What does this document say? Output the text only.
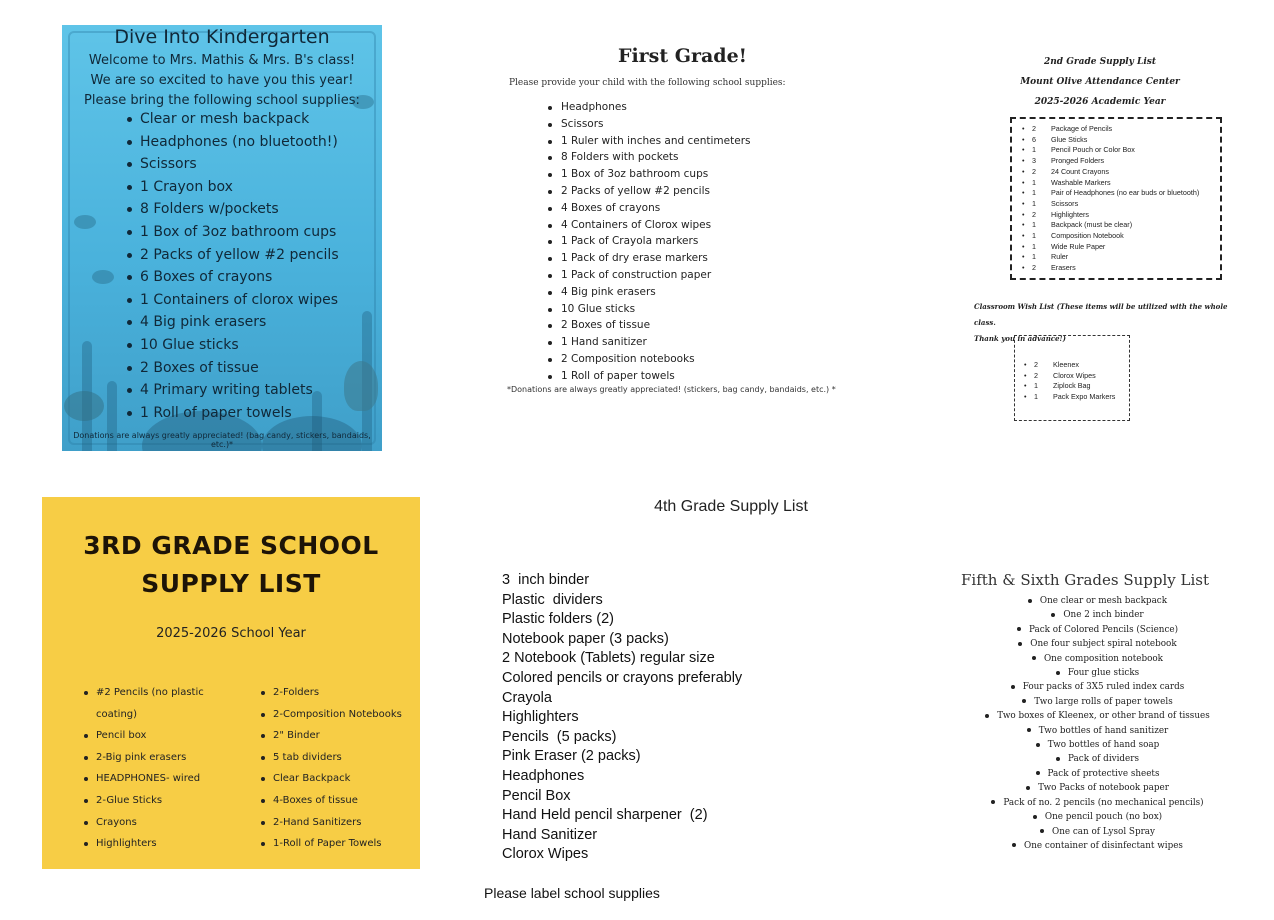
Dive Into Kindergarten
Welcome to Mrs. Mathis & Mrs. B's class!
We are so excited to have you this year!
Please bring the following school supplies:
Clear or mesh backpack
Headphones (no bluetooth!)
Scissors
1 Crayon box
8 Folders w/pockets
1 Box of 3oz bathroom cups
2 Packs of yellow #2 pencils
6 Boxes of crayons
1 Containers of clorox wipes
4 Big pink erasers
10 Glue sticks
2 Boxes of tissue
4 Primary writing tablets
1 Roll of paper towels
Donations are always greatly appreciated! (bag candy, stickers, bandaids, etc.)*
First Grade!
Please provide your child with the following school supplies:
Headphones
Scissors
1 Ruler with inches and centimeters
8 Folders with pockets
1 Box of 3oz bathroom cups
2 Packs of yellow #2 pencils
4 Boxes of crayons
4 Containers of Clorox wipes
1 Pack of Crayola markers
1 Pack of dry erase markers
1 Pack of construction paper
4 Big pink erasers
10 Glue sticks
2 Boxes of tissue
1 Hand sanitizer
2 Composition notebooks
1 Roll of paper towels
*Donations are always greatly appreciated! (stickers, bag candy, bandaids, etc.) *
2nd Grade Supply List
Mount Olive Attendance Center
2025-2026 Academic Year
•	2	Package of Pencils
•	6	Glue Sticks
•	1	Pencil Pouch or Color Box
•	3	Pronged Folders
•	2	24 Count Crayons
•	1	Washable Markers
•	1	Pair of Headphones (no ear buds or bluetooth)
•	1	Scissors
•	2	Highlighters
•	1	Backpack (must be clear)
•	1	Composition Notebook
•	1	Wide Rule Paper
•	1	Ruler
•	2	Erasers
Classroom Wish List (These items will be utilized with the whole class.
Thank you in advance!)
•	2	Kleenex
•	2	Clorox Wipes
•	1	Ziplock Bag
•	1	Pack Expo Markers
3RD GRADE SCHOOL
SUPPLY LIST
2025-2026 School Year
#2 Pencils (no plastic coating)
Pencil box
2-Big pink erasers
HEADPHONES- wired
2-Glue Sticks
Crayons
Highlighters
2-Folders
2-Composition Notebooks
2" Binder
5 tab dividers
Clear Backpack
4-Boxes of tissue
2-Hand Sanitizers
1-Roll of Paper Towels
4th Grade Supply List
3  inch binder
Plastic  dividers
Plastic folders (2)
Notebook paper (3 packs)
2 Notebook (Tablets) regular size
Colored pencils or crayons preferably
Crayola
Highlighters
Pencils  (5 packs)
Pink Eraser (2 packs)
Headphones
Pencil Box
Hand Held pencil sharpener  (2)
Hand Sanitizer
Clorox Wipes
Please label school supplies
Fifth & Sixth Grades Supply List
One clear or mesh backpack
One 2 inch binder
Pack of Colored Pencils (Science)
One four subject spiral notebook
One composition notebook
Four glue sticks
Four packs of 3X5 ruled index cards
Two large rolls of paper towels
Two boxes of Kleenex, or other brand of tissues
Two bottles of hand sanitizer
Two bottles of hand soap
Pack of dividers
Pack of protective sheets
Two Packs of notebook paper
Pack of no. 2 pencils (no mechanical pencils)
One pencil pouch (no box)
One can of Lysol Spray
One container of disinfectant wipes
